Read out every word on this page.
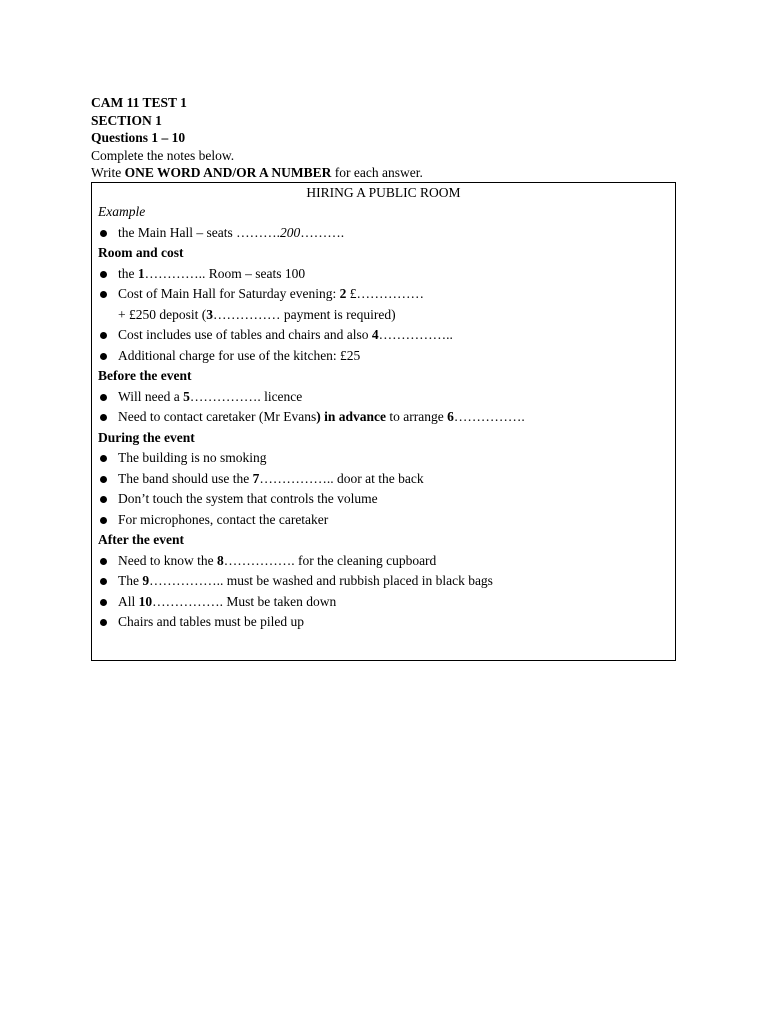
CAM 11 TEST 1
SECTION 1
Questions 1 – 10
Complete the notes below.
Write ONE WORD AND/OR A NUMBER for each answer.
HIRING A PUBLIC ROOM
Example
the Main Hall – seats ……….200……….
Room and cost
the 1………….. Room – seats 100
Cost of Main Hall for Saturday evening: 2 £……………
+ £250 deposit (3…………… payment is required)
Cost includes use of tables and chairs and also 4……………..
Additional charge for use of the kitchen: £25
Before the event
Will need a 5……………. licence
Need to contact caretaker (Mr Evans) in advance to arrange 6…………….
During the event
The building is no smoking
The band should use the 7…………….. door at the back
Don’t touch the system that controls the volume
For microphones, contact the caretaker
After the event
Need to know the 8……………. for the cleaning cupboard
The 9…………….. must be washed and rubbish placed in black bags
All 10……………. Must be taken down
Chairs and tables must be piled up
